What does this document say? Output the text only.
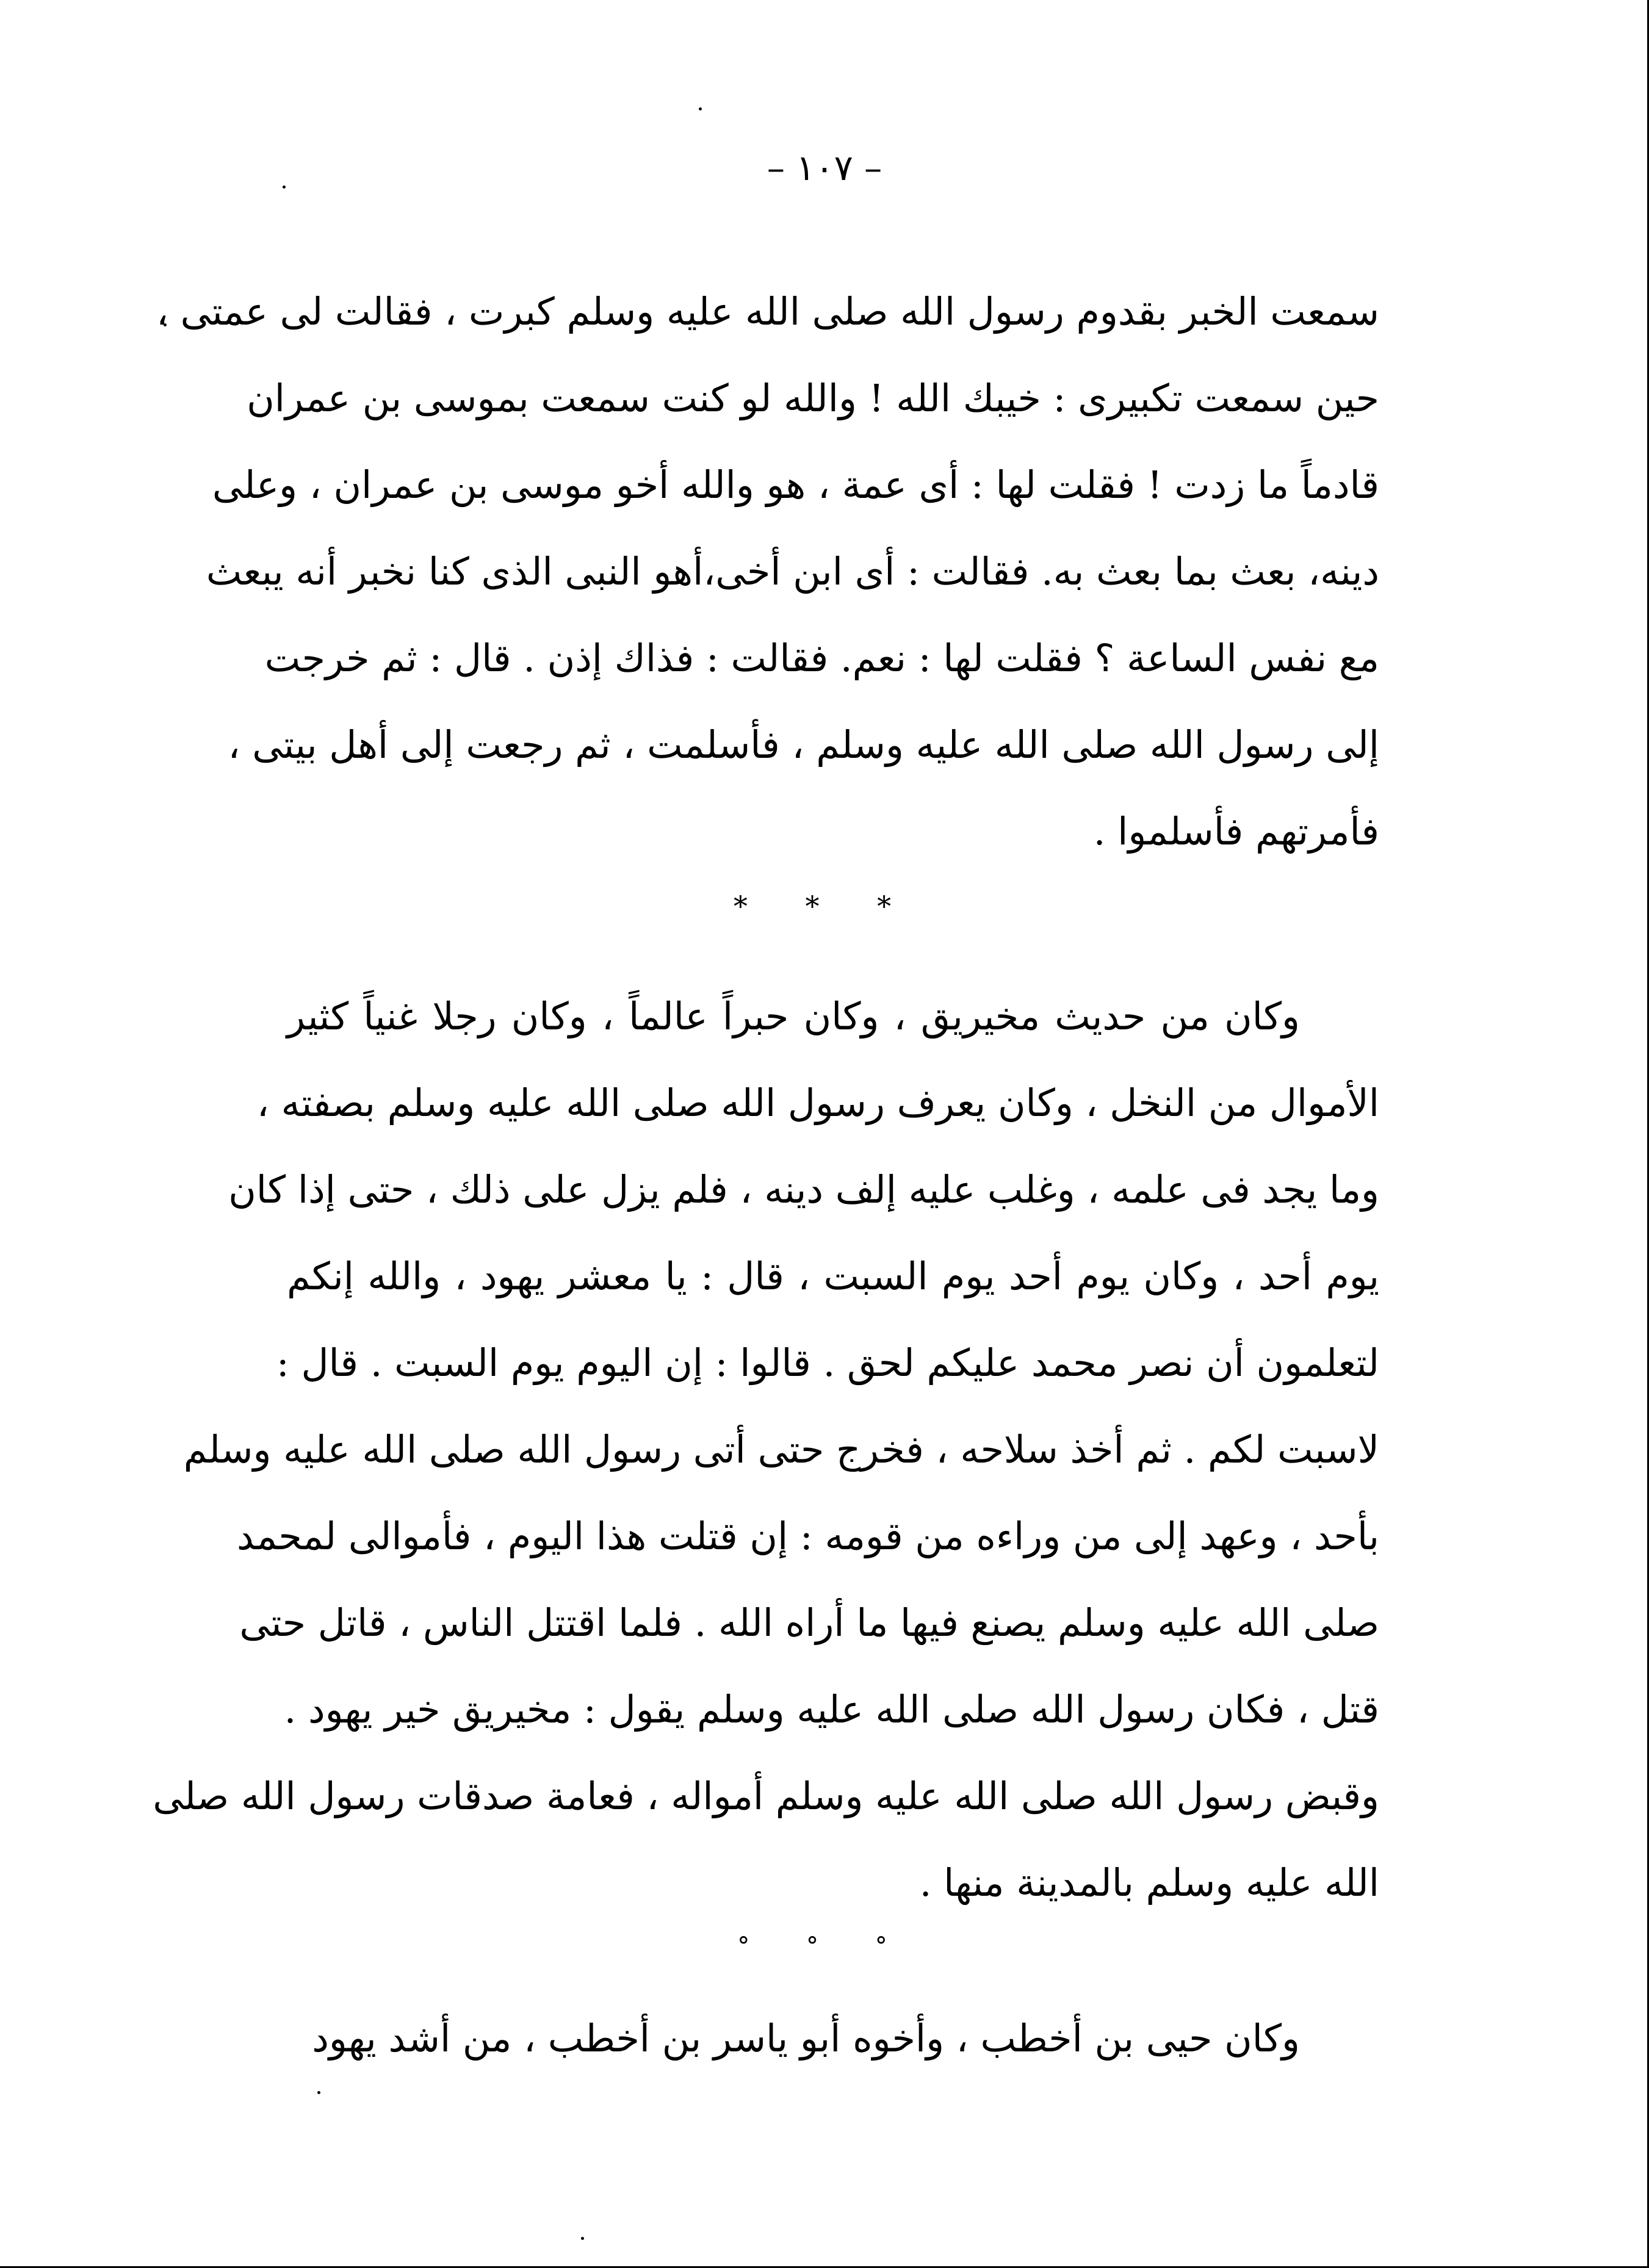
– ١٠٧ –
سمعت الخبر بقدوم رسول الله صلى الله عليه وسلم كبرت ، فقالت لى عمتى ،
حين سمعت تكبيرى : خيبك الله ! والله لو كنت سمعت بموسى بن عمران
قادماً ما زدت ! فقلت لها : أى عمة ، هو والله أخو موسى بن عمران ، وعلى
دينه، بعث بما بعث به. فقالت : أى ابن أخى،أهو النبى الذى كنا نخبر أنه يبعث
مع نفس الساعة ؟ فقلت لها : نعم. فقالت : فذاك إذن . قال : ثم خرجت
إلى رسول الله صلى الله عليه وسلم ، فأسلمت ، ثم رجعت إلى أهل بيتى ،
فأمرتهم فأسلموا .
* * *
وكان من حديث مخيريق ، وكان حبراً عالماً ، وكان رجلا غنياً كثير
الأموال من النخل ، وكان يعرف رسول الله صلى الله عليه وسلم بصفته ،
وما يجد فى علمه ، وغلب عليه إلف دينه ، فلم يزل على ذلك ، حتى إذا كان
يوم أحد ، وكان يوم أحد يوم السبت ، قال : يا معشر يهود ، والله إنكم
لتعلمون أن نصر محمد عليكم لحق . قالوا : إن اليوم يوم السبت . قال :
لاسبت لكم . ثم أخذ سلاحه ، فخرج حتى أتى رسول الله صلى الله عليه وسلم
بأحد ، وعهد إلى من وراءه من قومه : إن قتلت هذا اليوم ، فأموالى لمحمد
صلى الله عليه وسلم يصنع فيها ما أراه الله . فلما اقتتل الناس ، قاتل حتى
قتل ، فكان رسول الله صلى الله عليه وسلم يقول : مخيريق خير يهود .
وقبض رسول الله صلى الله عليه وسلم أمواله ، فعامة صدقات رسول الله صلى
الله عليه وسلم بالمدينة منها .
° ° °
وكان حيى بن أخطب ، وأخوه أبو ياسر بن أخطب ، من أشد يهود
